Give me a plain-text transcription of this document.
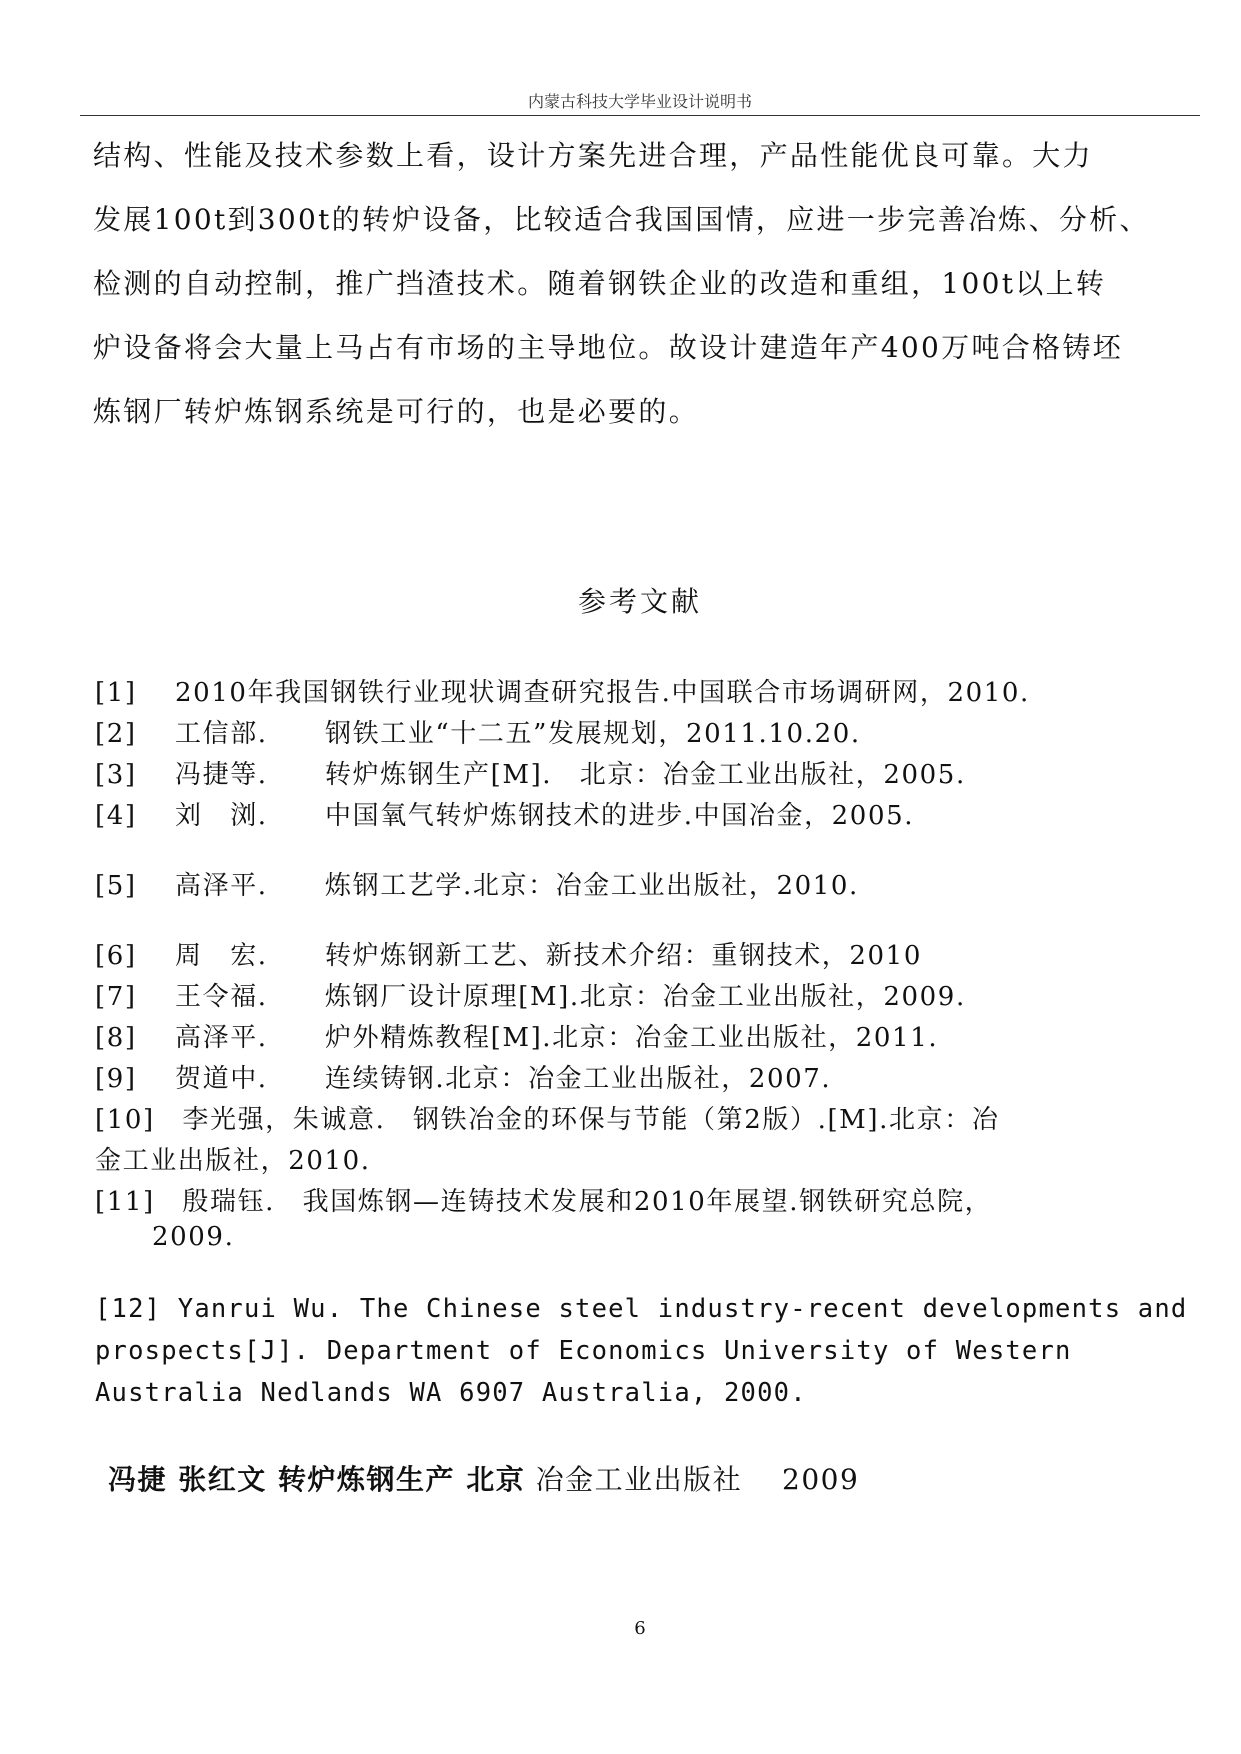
内蒙古科技大学毕业设计说明书
结构、性能及技术参数上看，设计方案先进合理，产品性能优良可靠。大力
发展100t到300t的转炉设备，比较适合我国国情，应进一步完善冶炼、分析、
检测的自动控制，推广挡渣技术。随着钢铁企业的改造和重组，100t以上转
炉设备将会大量上马占有市场的主导地位。故设计建造年产400万吨合格铸坯
炼钢厂转炉炼钢系统是可行的，也是必要的。
参考文献
[1] 2010年我国钢铁行业现状调查研究报告.中国联合市场调研网，2010.
[2] 工信部. 钢铁工业“十二五”发展规划，2011.10.20.
[3] 冯捷等. 转炉炼钢生产[M].　北京：冶金工业出版社，2005.
[4] 刘　浏. 中国氧气转炉炼钢技术的进步.中国冶金，2005.
[5] 高泽平. 炼钢工艺学.北京：冶金工业出版社，2010.
[6] 周　宏. 转炉炼钢新工艺、新技术介绍：重钢技术，2010
[7] 王令福. 炼钢厂设计原理[M].北京：冶金工业出版社，2009.
[8] 高泽平. 炉外精炼教程[M].北京：冶金工业出版社，2011.
[9] 贺道中. 连续铸钢.北京：冶金工业出版社，2007.
[10]　李光强，朱诚意.　钢铁冶金的环保与节能（第2版）.[M].北京：冶
金工业出版社，2010.
[11]　殷瑞钰.　我国炼钢—连铸技术发展和2010年展望.钢铁研究总院，
2009.
[12] Yanrui Wu. The Chinese steel industry-recent developments and
prospects[J]. Department of Economics University of Western
Australia Nedlands WA 6907 Australia, 2000.
冯捷 张红文 转炉炼钢生产 北京 冶金工业出版社　 2009
6
